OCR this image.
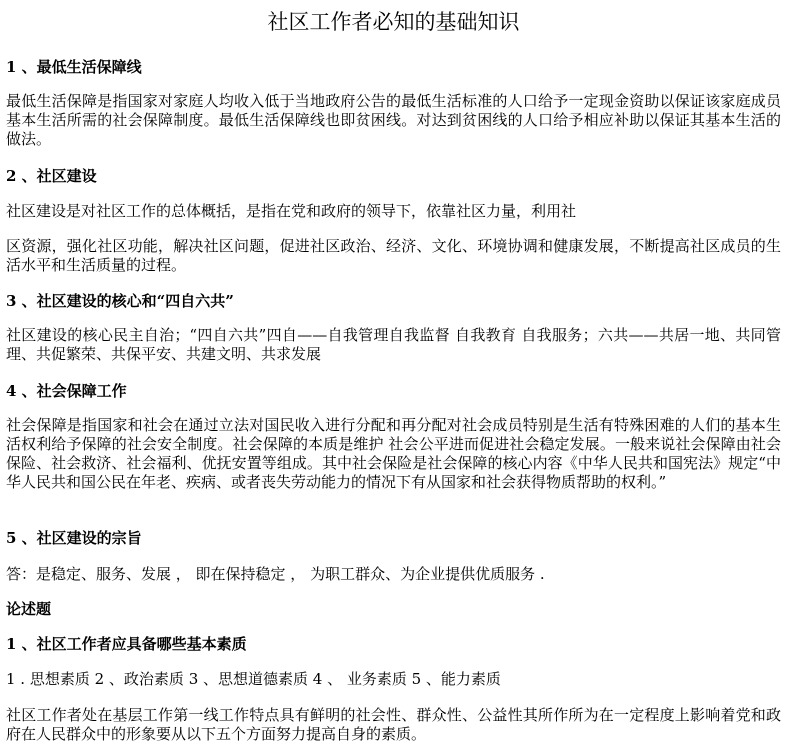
社区工作者必知的基础知识
1 、最低生活保障线

最低生活保障是指国家对家庭人均收入低于当地政府公告的最低生活标准的人口给予一定现金资助以保证该家庭成员基本生活所需的社会保障制度。最低生活保障线也即贫困线。对达到贫困线的人口给予相应补助以保证其基本生活的做法。

2 、社区建设

社区建设是对社区工作的总体概括，是指在党和政府的领导下，依靠社区力量，利用社

区资源，强化社区功能，解决社区问题，促进社区政治、经济、文化、环境协调和健康发展，不断提高社区成员的生活水平和生活质量的过程。

3 、社区建设的核心和“四自六共”

社区建设的核心民主自治；“四自六共”四自——自我管理自我监督 自我教育 自我服务；六共——共居一地、共同管理、共促繁荣、共保平安、共建文明、共求发展

4 、社会保障工作

社会保障是指国家和社会在通过立法对国民收入进行分配和再分配对社会成员特别是生活有特殊困难的人们的基本生活权利给予保障的社会安全制度。社会保障的本质是维护 社会公平进而促进社会稳定发展。一般来说社会保障由社会保险、社会救济、社会福利、优抚安置等组成。其中社会保险是社会保障的核心内容《中华人民共和国宪法》规定“中华人民共和国公民在年老、疾病、或者丧失劳动能力的情况下有从国家和社会获得物质帮助的权利。”

5 、社区建设的宗旨

答：是稳定、服务、发展 ， 即在保持稳定 ， 为职工群众、为企业提供优质服务 .

论述题
1 、社区工作者应具备哪些基本素质

1 . 思想素质 2 、政治素质 3 、思想道德素质 4 、 业务素质 5 、能力素质

社区工作者处在基层工作第一线工作特点具有鲜明的社会性、群众性、公益性其所作所为在一定程度上影响着党和政府在人民群众中的形象要从以下五个方面努力提高自身的素质。
